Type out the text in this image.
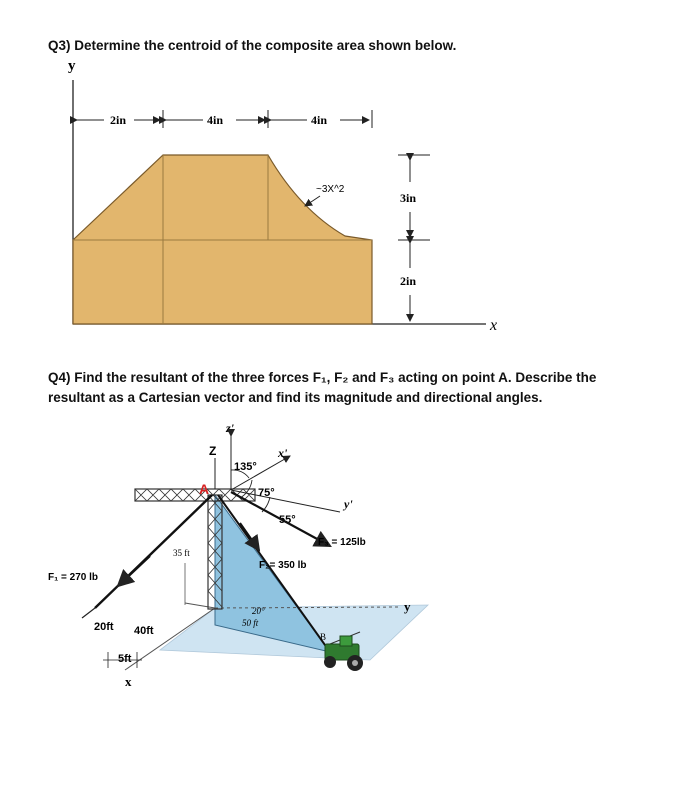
Q3) Determine the centroid of the composite area shown below.
Q4) Find the resultant of the three forces F₁, F₂ and F₃ acting on point A. Describe the
resultant as a Cartesian vector and find its magnitude and directional angles.
y
x
2in	4in	4in
~3X^2
3in
2in
y
x
Z
z'
x'
y'
135°
75°
55°
A
F₃ = 125lb
F₂= 350 lb
F₁ = 270 lb
35 ft
20ft 40ft
5ft
20°
50 ft
B
